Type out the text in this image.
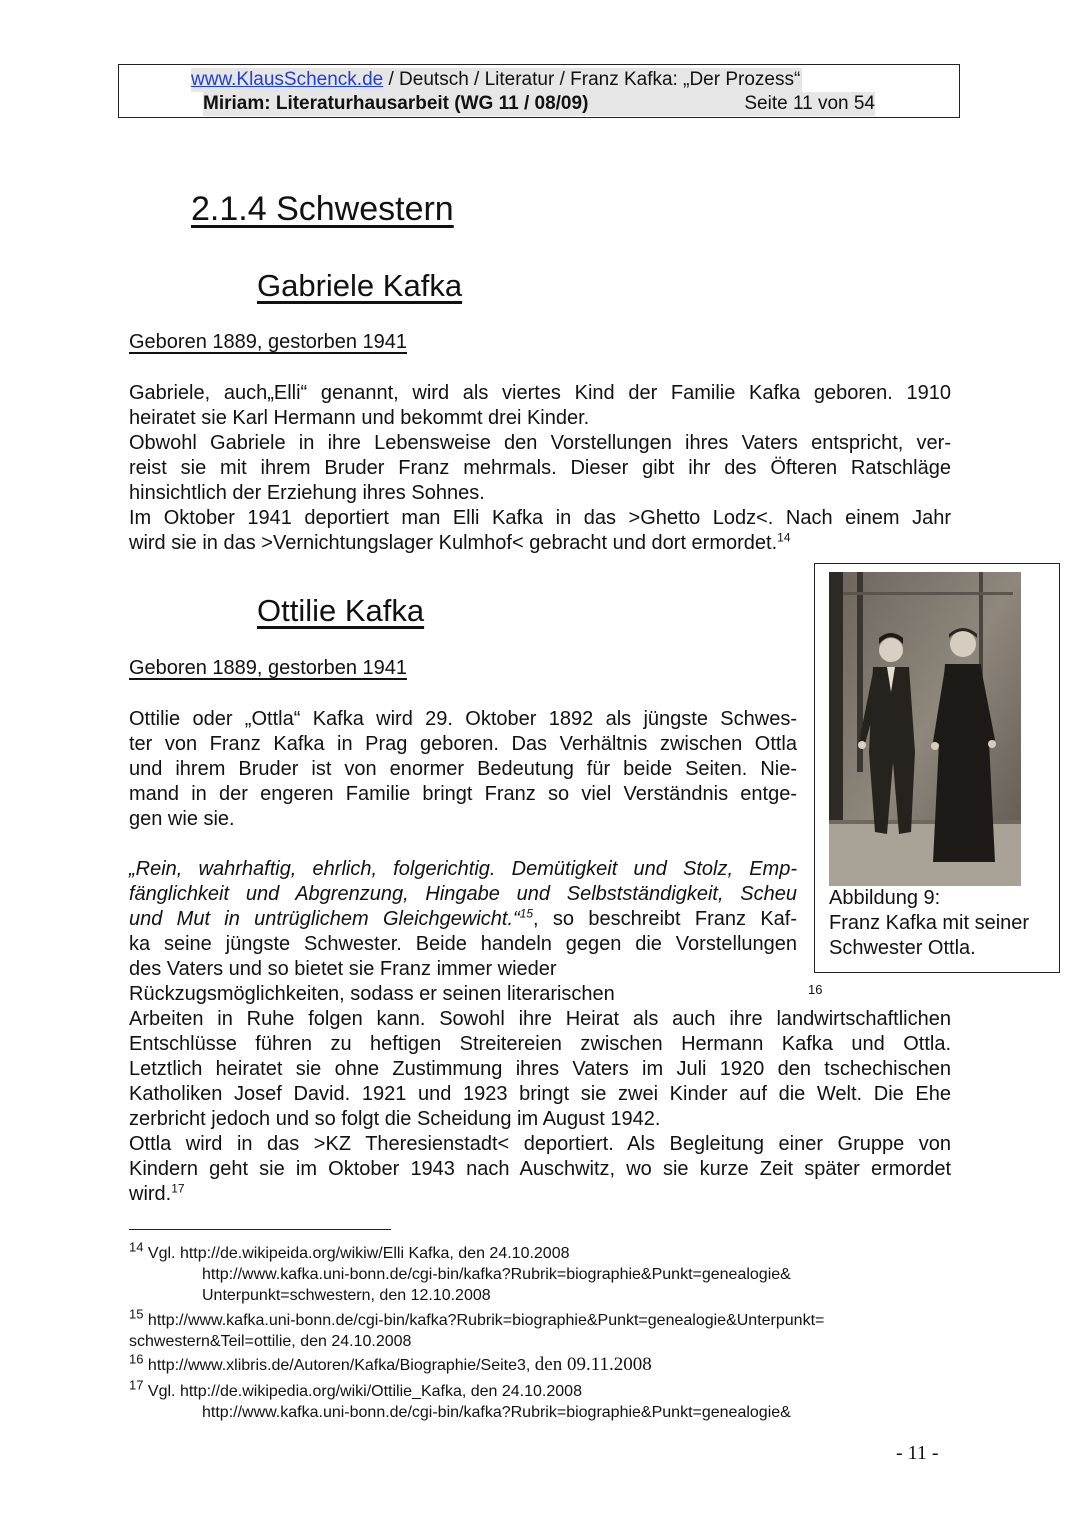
www.KlausSchenck.de / Deutsch / Literatur / Franz Kafka: „Der Prozess“
Miriam: Literaturhausarbeit (WG 11 / 08/09)	Seite 11 von 54
2.1.4 Schwestern
Gabriele Kafka
Geboren 1889, gestorben 1941
Gabriele, auch„Elli“ genannt, wird als viertes Kind der Familie Kafka geboren. 1910
heiratet sie Karl Hermann und bekommt drei Kinder.
Obwohl Gabriele in ihre Lebensweise den Vorstellungen ihres Vaters entspricht, ver-
reist sie mit ihrem Bruder Franz mehrmals. Dieser gibt ihr des Öfteren Ratschläge
hinsichtlich der Erziehung ihres Sohnes.
Im Oktober 1941 deportiert man Elli Kafka in das >Ghetto Lodz<. Nach einem Jahr
wird sie in das >Vernichtungslager Kulmhof< gebracht und dort ermordet.$^{14}$
Ottilie Kafka
Geboren 1889, gestorben 1941
Ottilie oder „Ottla“ Kafka wird 29. Oktober 1892 als jüngste Schwes-
ter von Franz Kafka in Prag geboren. Das Verhältnis zwischen Ottla
und ihrem Bruder ist von enormer Bedeutung für beide Seiten. Nie-
mand in der engeren Familie bringt Franz so viel Verständnis entge-
gen wie sie.
„Rein, wahrhaftig, ehrlich, folgerichtig. Demütigkeit und Stolz, Emp-
fänglichkeit und Abgrenzung, Hingabe und Selbstständigkeit, Scheu
und Mut in untrüglichem Gleichgewicht.“$^{15}$, so beschreibt Franz Kaf-
ka seine jüngste Schwester. Beide handeln gegen die Vorstellungen
des Vaters und so bietet sie Franz immer wieder
Rückzugsmöglichkeiten, sodass er seinen literarischen	16
Arbeiten in Ruhe folgen kann. Sowohl ihre Heirat als auch ihre landwirtschaftlichen
Entschlüsse führen zu heftigen Streitereien zwischen Hermann Kafka und Ottla.
Letztlich heiratet sie ohne Zustimmung ihres Vaters im Juli 1920 den tschechischen
Katholiken Josef David. 1921 und 1923 bringt sie zwei Kinder auf die Welt. Die Ehe
zerbricht jedoch und so folgt die Scheidung im August 1942.
Ottla wird in das >KZ Theresienstadt< deportiert. Als Begleitung einer Gruppe von
Kindern geht sie im Oktober 1943 nach Auschwitz, wo sie kurze Zeit später ermordet
wird.$^{17}$
Abbildung 9:
Franz Kafka mit seiner
Schwester Ottla.
$^{14}$ Vgl. http://de.wikipeida.org/wikiw/Elli Kafka, den 24.10.2008
http://www.kafka.uni-bonn.de/cgi-bin/kafka?Rubrik=biographie&Punkt=genealogie&
Unterpunkt=schwestern, den 12.10.2008
$^{15}$ http://www.kafka.uni-bonn.de/cgi-bin/kafka?Rubrik=biographie&Punkt=genealogie&Unterpunkt=
schwestern&Teil=ottilie, den 24.10.2008
$^{16}$ http://www.xlibris.de/Autoren/Kafka/Biographie/Seite3, den 09.11.2008
$^{17}$ Vgl. http://de.wikipedia.org/wiki/Ottilie_Kafka, den 24.10.2008
http://www.kafka.uni-bonn.de/cgi-bin/kafka?Rubrik=biographie&Punkt=genealogie&
- 11 -
